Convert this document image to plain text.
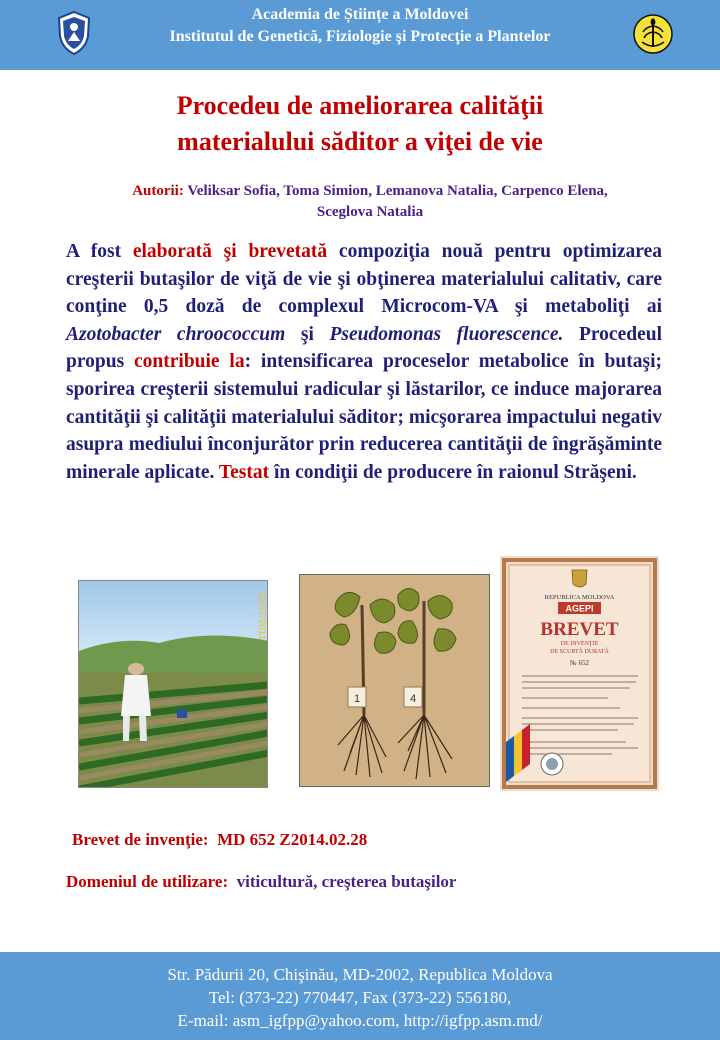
Academia de Științe a Moldovei
Institutul de Genetică, Fiziologie şi Protecţie a Plantelor
Procedeu de ameliorarea calităţii
materialului săditor a viţei de vie
Autorii: Veliksar Sofia, Toma Simion, Lemanova Natalia, Carpenco Elena,
Sceglova Natalia
A fost elaborată şi brevetată compoziţia nouă pentru optimizarea creşterii butaşilor de viţă de vie şi obţinerea materialului calitativ, care conţine 0,5 doză de complexul Microcom-VA şi metaboliţi ai Azotobacter chroococcum şi Pseudomonas fluorescence. Procedeul propus contribuie la: intensificarea proceselor metabolice în butaşi; sporirea creşterii sistemului radicular şi lăstarilor, ce induce majorarea cantităţii şi calităţii materialului săditor; micşorarea impactului negativ asupra mediului înconjurător prin reducerea cantităţii de îngrăşăminte minerale aplicate. Testat în condiţii de producere în raionul Străşeni.
12/07/2011
1	4
REPUBLICA MOLDOVA
AGEPI
BREVET
DE INVENŢIE
DE SCURTĂ DURATĂ
№ 652
Brevet de invenţie: MD 652 Z2014.02.28
Domeniul de utilizare: viticultură, creşterea butaşilor
Str. Pădurii 20, Chişinău, MD-2002, Republica Moldova
Tel: (373-22) 770447, Fax (373-22) 556180,
E-mail: asm_igfpp@yahoo.com, http://igfpp.asm.md/
